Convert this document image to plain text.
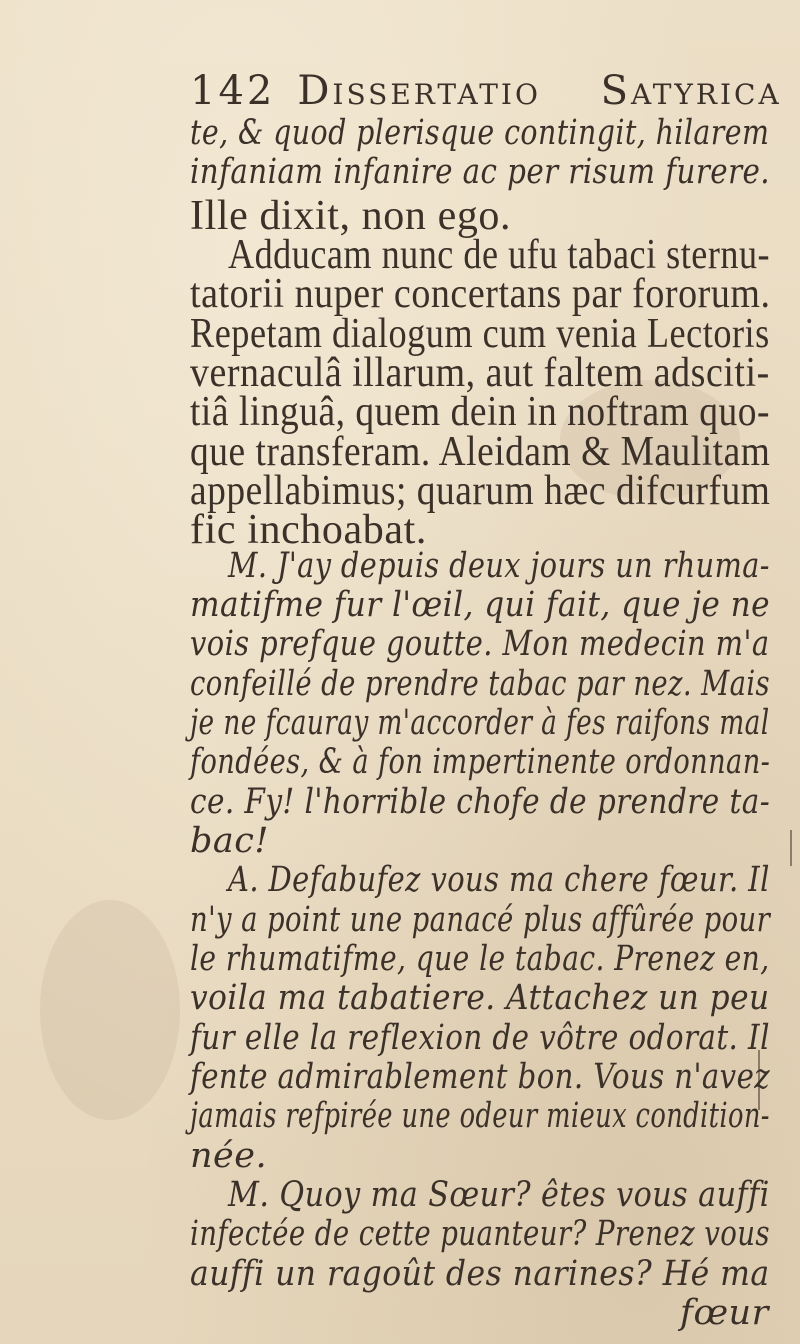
142 Dissertatio Satyrica
te, & quod plerisque contingit, hilarem
infaniam infanire ac per risum furere.
Ille dixit, non ego.
Adducam nunc de ufu tabaci sternu-
tatorii nuper concertans par fororum.
Repetam dialogum cum venia Lectoris
vernaculâ illarum, aut faltem adsciti-
tiâ linguâ, quem dein in noftram quo-
que transferam. Aleidam & Maulitam
appellabimus; quarum hæc difcurfum
fic inchoabat.
M. J'ay depuis deux jours un rhuma-
matifme fur l'œil, qui fait, que je ne
vois prefque goutte. Mon medecin m'a
confeillé de prendre tabac par nez. Mais
je ne fcauray m'accorder à fes raifons mal
fondées, & à fon impertinente ordonnan-
ce. Fy! l'horrible chofe de prendre ta-
bac!
A. Defabufez vous ma chere fœur. Il
n'y a point une panacé plus affûrée pour
le rhumatifme, que le tabac. Prenez en,
voila ma tabatiere. Attachez un peu
fur elle la reflexion de vôtre odorat. Il
fente admirablement bon. Vous n'avez
jamais refpirée une odeur mieux condition-
née.
M. Quoy ma Sœur? êtes vous auffi
infectée de cette puanteur? Prenez vous
auffi un ragoût des narines? Hé ma
fœur
